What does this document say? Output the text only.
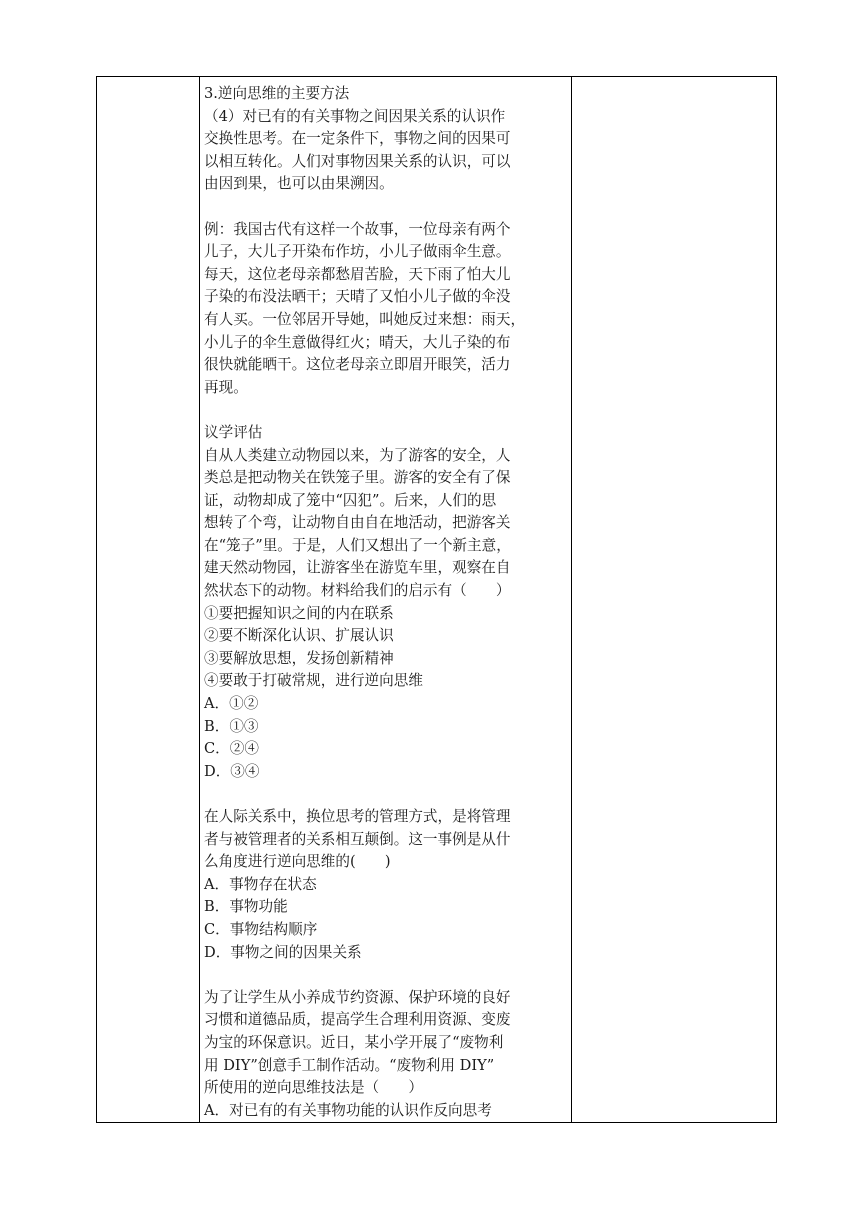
3.逆向思维的主要方法
（4）对已有的有关事物之间因果关系的认识作
交换性思考。在一定条件下，事物之间的因果可
以相互转化。人们对事物因果关系的认识，可以
由因到果，也可以由果溯因。
例：我国古代有这样一个故事，一位母亲有两个
儿子，大儿子开染布作坊，小儿子做雨伞生意。
每天，这位老母亲都愁眉苦脸，天下雨了怕大儿
子染的布没法晒干；天晴了又怕小儿子做的伞没
有人买。一位邻居开导她，叫她反过来想：雨天，
小儿子的伞生意做得红火；晴天，大儿子染的布
很快就能晒干。这位老母亲立即眉开眼笑，活力
再现。
议学评估
自从人类建立动物园以来，为了游客的安全，人
类总是把动物关在铁笼子里。游客的安全有了保
证，动物却成了笼中“囚犯”。后来，人们的思
想转了个弯，让动物自由自在地活动，把游客关
在“笼子”里。于是，人们又想出了一个新主意，
建天然动物园，让游客坐在游览车里，观察在自
然状态下的动物。材料给我们的启示有（　　）
①要把握知识之间的内在联系
②要不断深化认识、扩展认识
③要解放思想，发扬创新精神
④要敢于打破常规，进行逆向思维
A．①②
B．①③
C．②④
D．③④
在人际关系中，换位思考的管理方式，是将管理
者与被管理者的关系相互颠倒。这一事例是从什
么角度进行逆向思维的(　　)
A．事物存在状态
B．事物功能
C．事物结构顺序
D．事物之间的因果关系
为了让学生从小养成节约资源、保护环境的良好
习惯和道德品质，提高学生合理利用资源、变废
为宝的环保意识。近日，某小学开展了“废物利
用 DIY”创意手工制作活动。“废物利用 DIY”
所使用的逆向思维技法是（　　）
A．对已有的有关事物功能的认识作反向思考
